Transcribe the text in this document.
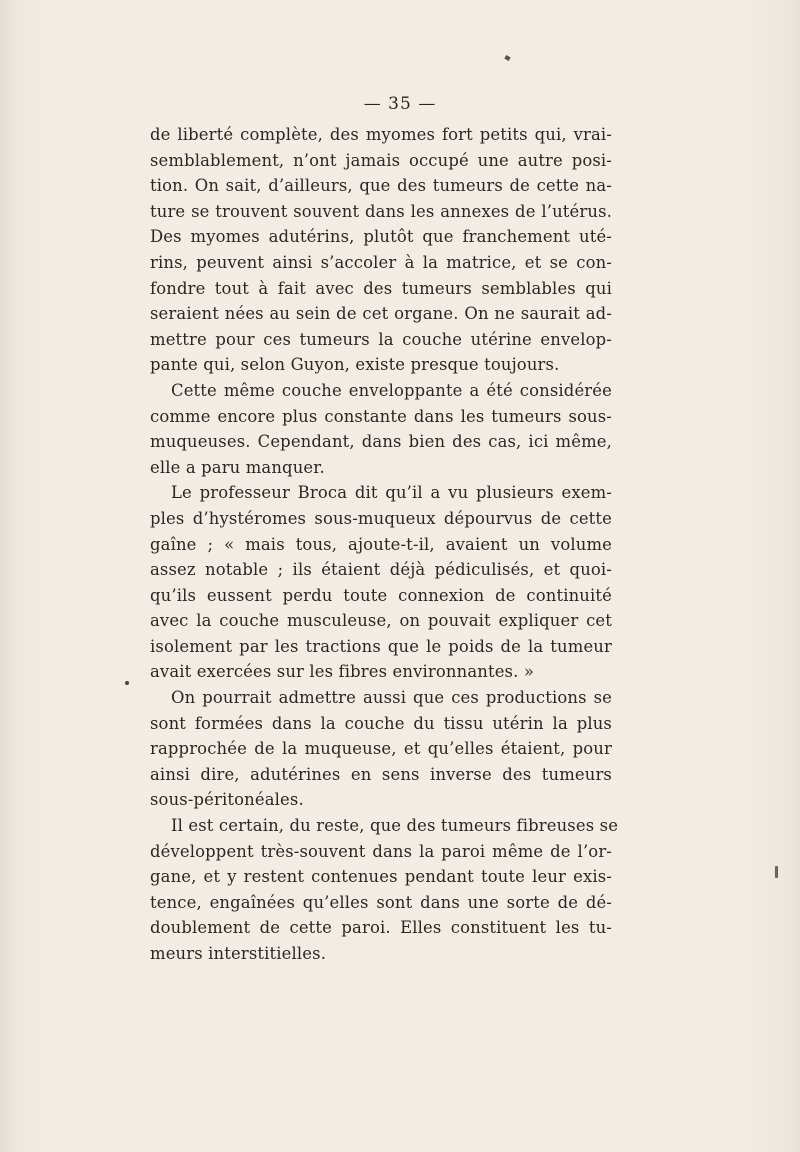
— 35 —
de liberté complète, des myomes fort petits qui, vrai-
semblablement, n’ont jamais occupé une autre posi-
tion. On sait, d’ailleurs, que des tumeurs de cette na-
ture se trouvent souvent dans les annexes de l’utérus.
Des myomes adutérins, plutôt que franchement uté-
rins, peuvent ainsi s’accoler à la matrice, et se con-
fondre tout à fait avec des tumeurs semblables qui
seraient nées au sein de cet organe. On ne saurait ad-
mettre pour ces tumeurs la couche utérine envelop-
pante qui, selon Guyon, existe presque toujours.
Cette même couche enveloppante a été considérée
comme encore plus constante dans les tumeurs sous-
muqueuses. Cependant, dans bien des cas, ici même,
elle a paru manquer.
Le professeur Broca dit qu’il a vu plusieurs exem-
ples d’hystéromes sous-muqueux dépourvus de cette
gaîne ; « mais tous, ajoute-t-il, avaient un volume
assez notable ; ils étaient déjà pédiculisés, et quoi-
qu’ils eussent perdu toute connexion de continuité
avec la couche musculeuse, on pouvait expliquer cet
isolement par les tractions que le poids de la tumeur
avait exercées sur les fibres environnantes. »
On pourrait admettre aussi que ces productions se
sont formées dans la couche du tissu utérin la plus
rapprochée de la muqueuse, et qu’elles étaient, pour
ainsi dire, adutérines en sens inverse des tumeurs
sous-péritonéales.
Il est certain, du reste, que des tumeurs fibreuses se
développent très-souvent dans la paroi même de l’or-
gane, et y restent contenues pendant toute leur exis-
tence, engaînées qu’elles sont dans une sorte de dé-
doublement de cette paroi. Elles constituent les tu-
meurs interstitielles.
